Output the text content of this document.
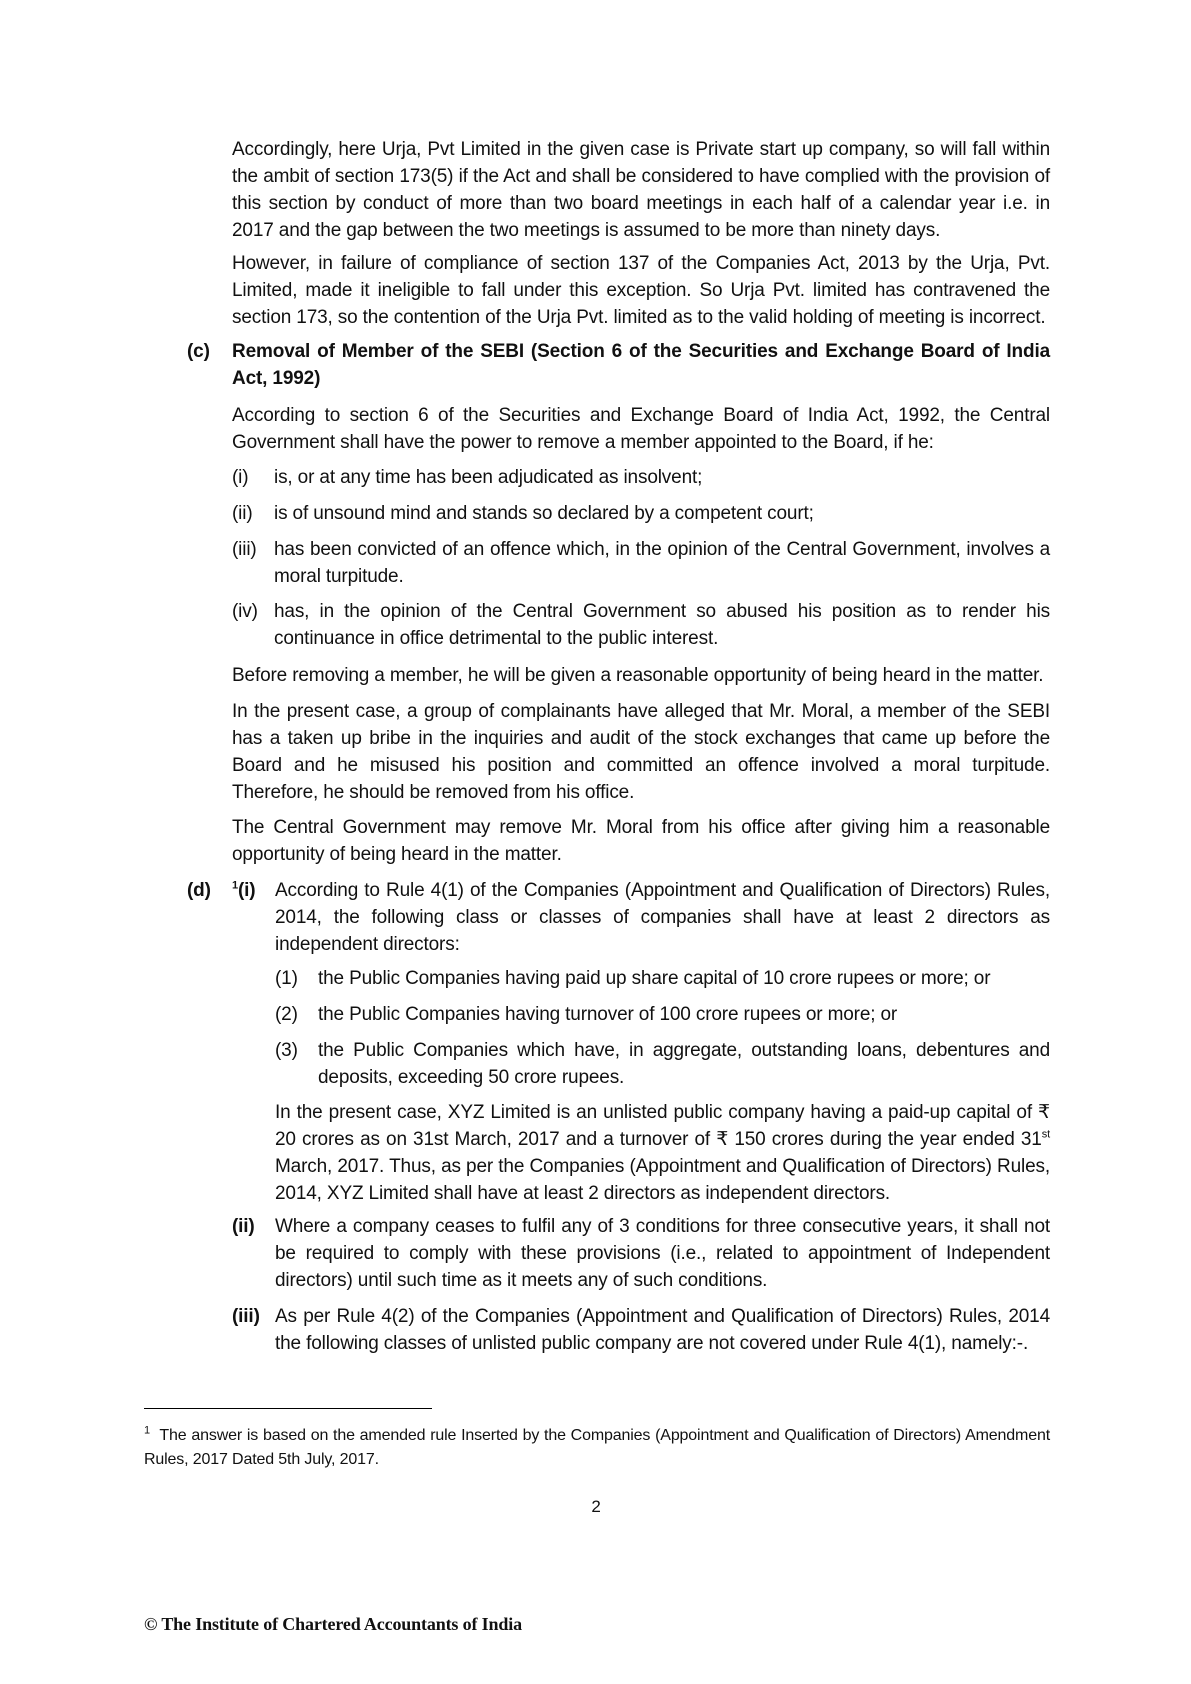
Accordingly, here Urja, Pvt Limited in the given case is Private start up company, so will fall within the ambit of section 173(5) if the Act and shall be considered to have complied with the provision of this section by conduct of more than two board meetings in each half of a calendar year i.e. in 2017 and the gap between the two meetings is assumed to be more than ninety days.

However, in failure of compliance of section 137 of the Companies Act, 2013 by the Urja, Pvt. Limited, made it ineligible to fall under this exception. So Urja Pvt. limited has contravened the section 173, so the contention of the Urja Pvt. limited as to the valid holding of meeting is incorrect.

(c) Removal of Member of the SEBI (Section 6 of the Securities and Exchange Board of India Act, 1992)

According to section 6 of the Securities and Exchange Board of India Act, 1992, the Central Government shall have the power to remove a member appointed to the Board, if he:

(i) is, or at any time has been adjudicated as insolvent;
(ii) is of unsound mind and stands so declared by a competent court;
(iii) has been convicted of an offence which, in the opinion of the Central Government, involves a moral turpitude.
(iv) has, in the opinion of the Central Government so abused his position as to render his continuance in office detrimental to the public interest.

Before removing a member, he will be given a reasonable opportunity of being heard in the matter.

In the present case, a group of complainants have alleged that Mr. Moral, a member of the SEBI has a taken up bribe in the inquiries and audit of the stock exchanges that came up before the Board and he misused his position and committed an offence involved a moral turpitude. Therefore, he should be removed from his office.

The Central Government may remove Mr. Moral from his office after giving him a reasonable opportunity of being heard in the matter.

(d) $^1$(i) According to Rule 4(1) of the Companies (Appointment and Qualification of Directors) Rules, 2014, the following class or classes of companies shall have at least 2 directors as independent directors:

(1) the Public Companies having paid up share capital of 10 crore rupees or more; or
(2) the Public Companies having turnover of 100 crore rupees or more; or
(3) the Public Companies which have, in aggregate, outstanding loans, debentures and deposits, exceeding 50 crore rupees.

In the present case, XYZ Limited is an unlisted public company having a paid-up capital of ₹ 20 crores as on 31st March, 2017 and a turnover of ₹ 150 crores during the year ended 31st March, 2017. Thus, as per the Companies (Appointment and Qualification of Directors) Rules, 2014, XYZ Limited shall have at least 2 directors as independent directors.

(ii) Where a company ceases to fulfil any of 3 conditions for three consecutive years, it shall not be required to comply with these provisions (i.e., related to appointment of Independent directors) until such time as it meets any of such conditions.

(iii) As per Rule 4(2) of the Companies (Appointment and Qualification of Directors) Rules, 2014 the following classes of unlisted public company are not covered under Rule 4(1), namely:-.

$^1$ The answer is based on the amended rule Inserted by the Companies (Appointment and Qualification of Directors) Amendment Rules, 2017 Dated 5th July, 2017.

2
© The Institute of Chartered Accountants of India
